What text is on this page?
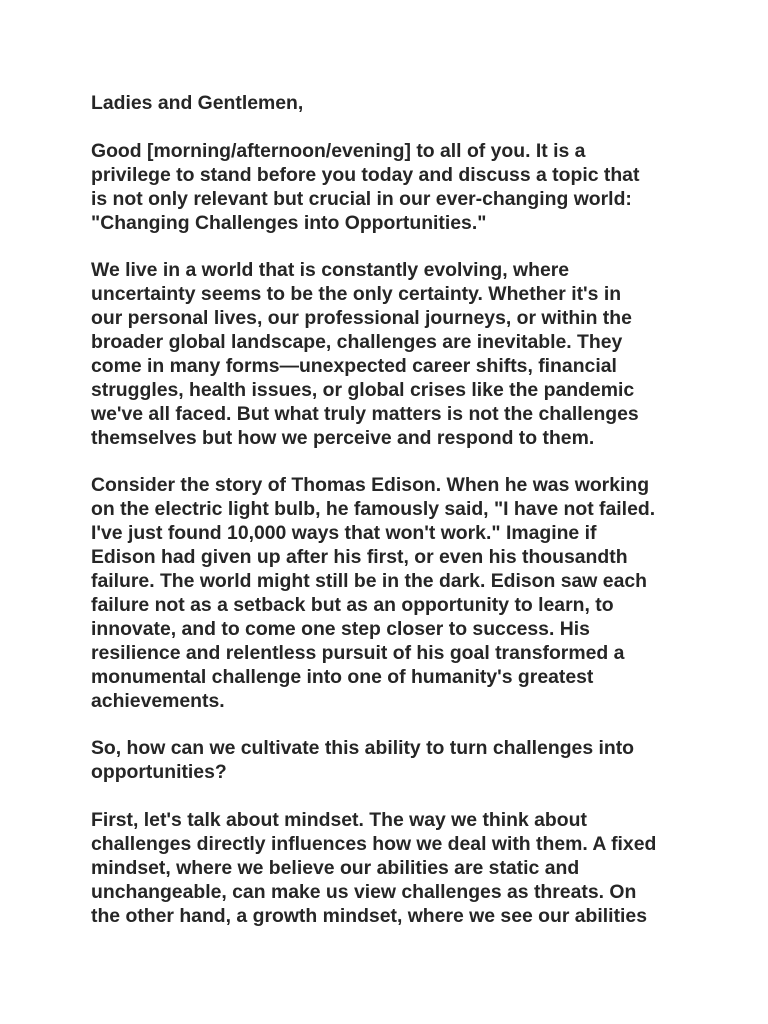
Ladies and Gentlemen,

Good [morning/afternoon/evening] to all of you. It is a
privilege to stand before you today and discuss a topic that
is not only relevant but crucial in our ever-changing world:
"Changing Challenges into Opportunities."

We live in a world that is constantly evolving, where
uncertainty seems to be the only certainty. Whether it's in
our personal lives, our professional journeys, or within the
broader global landscape, challenges are inevitable. They
come in many forms—unexpected career shifts, financial
struggles, health issues, or global crises like the pandemic
we've all faced. But what truly matters is not the challenges
themselves but how we perceive and respond to them.

Consider the story of Thomas Edison. When he was working
on the electric light bulb, he famously said, "I have not failed.
I've just found 10,000 ways that won't work." Imagine if
Edison had given up after his first, or even his thousandth
failure. The world might still be in the dark. Edison saw each
failure not as a setback but as an opportunity to learn, to
innovate, and to come one step closer to success. His
resilience and relentless pursuit of his goal transformed a
monumental challenge into one of humanity's greatest
achievements.

So, how can we cultivate this ability to turn challenges into
opportunities?

First, let's talk about mindset. The way we think about
challenges directly influences how we deal with them. A fixed
mindset, where we believe our abilities are static and
unchangeable, can make us view challenges as threats. On
the other hand, a growth mindset, where we see our abilities
